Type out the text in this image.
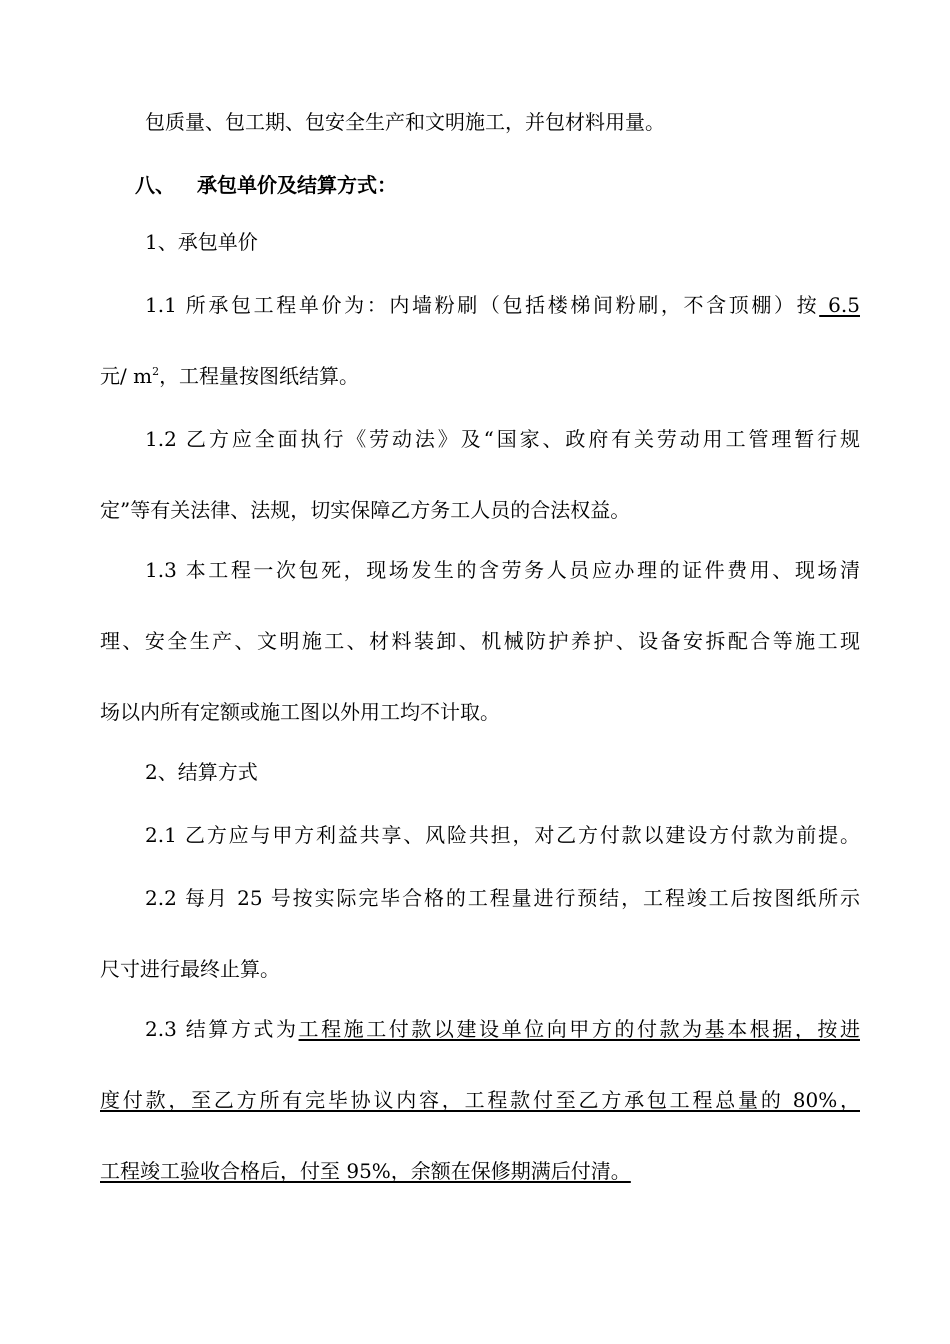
包质量、包工期、包安全生产和文明施工，并包材料用量。
八、 承包单价及结算方式：
1、承包单价
1.1 所承包工程单价为：内墙粉刷（包括楼梯间粉刷，不含顶棚）按 6.5
元/ $m^2$，工程量按图纸结算。
1.2 乙方应全面执行《劳动法》及“国家、政府有关劳动用工管理暂行规
定”等有关法律、法规，切实保障乙方务工人员的合法权益。
1.3 本工程一次包死，现场发生的含劳务人员应办理的证件费用、现场清
理、安全生产、文明施工、材料装卸、机械防护养护、设备安拆配合等施工现
场以内所有定额或施工图以外用工均不计取。
2、结算方式
2.1 乙方应与甲方利益共享、风险共担，对乙方付款以建设方付款为前提。
2.2 每月 25 号按实际完毕合格的工程量进行预结，工程竣工后按图纸所示
尺寸进行最终止算。
2.3 结算方式为工程施工付款以建设单位向甲方的付款为基本根据，按进
度付款，至乙方所有完毕协议内容，工程款付至乙方承包工程总量的 80%，
工程竣工验收合格后，付至 95%，余额在保修期满后付清。
